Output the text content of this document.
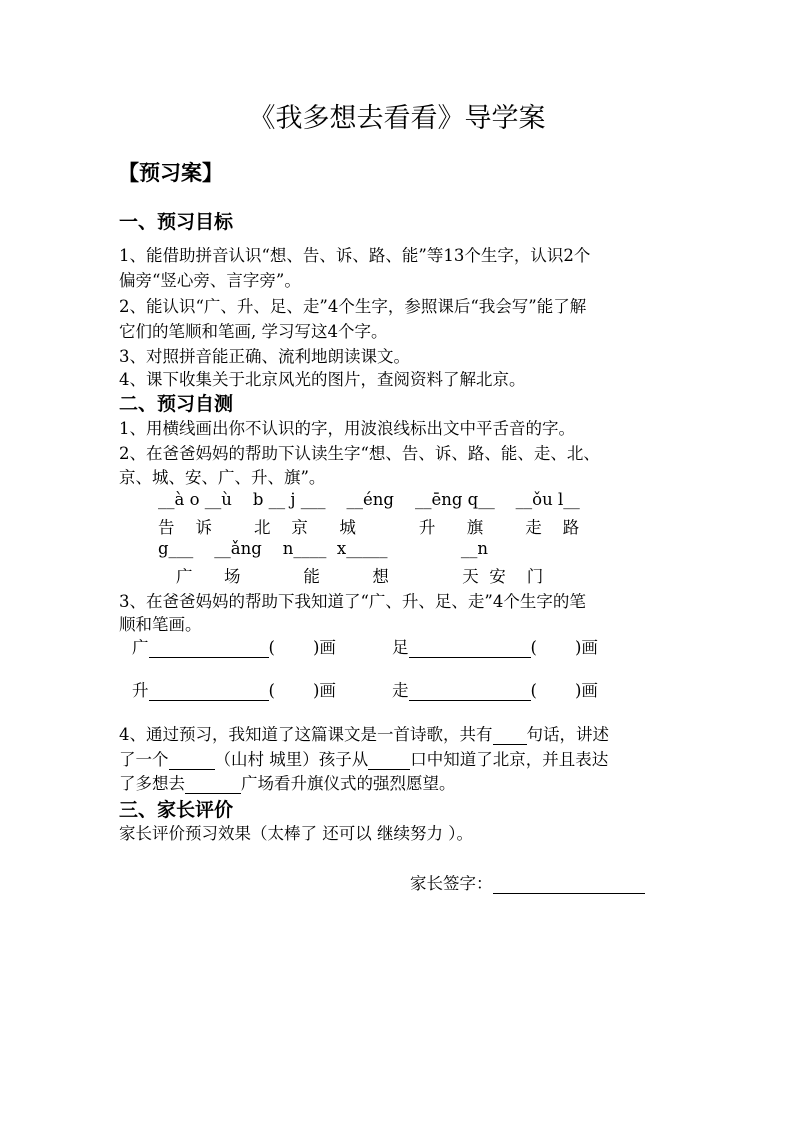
《我多想去看看》导学案
【预习案】
一、预习目标
1、能借助拼音认识“想、告、诉、路、能”等13个生字，认识2个
偏旁“竖心旁、言字旁”。
2、能认识“广、升、足、走”4个生字，参照课后“我会写”能了解
它们的笔顺和笔画, 学习写这4个字。
3、对照拼音能正确、流利地朗读课文。
4、课下收集关于北京风光的图片，查阅资料了解北京。
二、预习自测
1、用横线画出你不认识的字，用波浪线标出文中平舌音的字。
2、在爸爸妈妈的帮助下认读生字“想、告、诉、路、能、走、北、
京、城、安、广、升、旗”。
__à o __ù    b __ j ___    __éng    __ēng q__    __ǒu l__
告    诉        北    京      城            升      旗        走    路
g___    __ǎng    n____  x_____              __n
广      场            能          想              天  安    门
3、在爸爸妈妈的帮助下我知道了“广、升、足、走”4个生字的笔
顺和笔画。
广	( )画	足	( )画
升	( )画	走	( )画
4、通过预习，我知道了这篇课文是一首诗歌，共有 句话，讲述
了一个	（山村 城里）孩子从	口中知道了北京，并且表达
了多想去	广场看升旗仪式的强烈愿望。
三、家长评价
家长评价预习效果（太棒了 还可以 继续努力 ）。
家长签字：
